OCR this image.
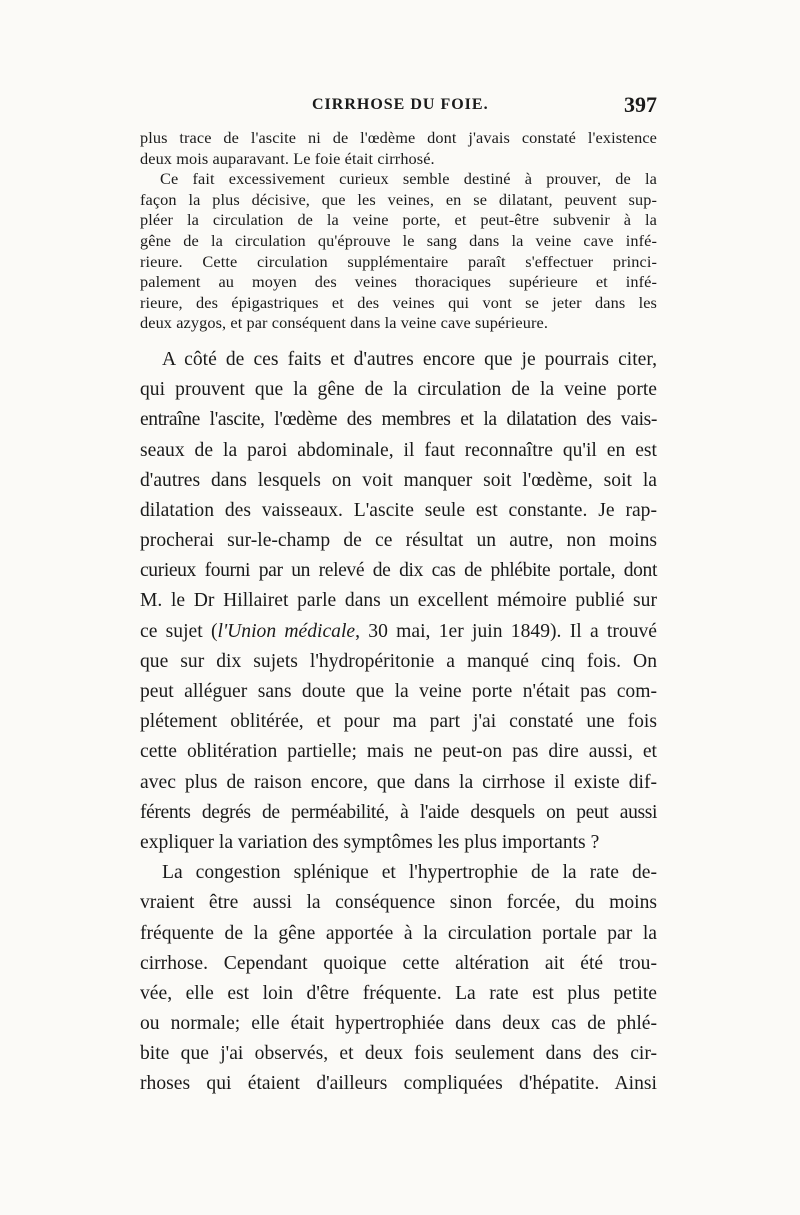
CIRRHOSE DU FOIE.	397
plus trace de l'ascite ni de l'œdème dont j'avais constaté l'existence
deux mois auparavant. Le foie était cirrhosé.
Ce fait excessivement curieux semble destiné à prouver, de la
façon la plus décisive, que les veines, en se dilatant, peuvent sup-
pléer la circulation de la veine porte, et peut-être subvenir à la
gêne de la circulation qu'éprouve le sang dans la veine cave infé-
rieure. Cette circulation supplémentaire paraît s'effectuer princi-
palement au moyen des veines thoraciques supérieure et infé-
rieure, des épigastriques et des veines qui vont se jeter dans les
deux azygos, et par conséquent dans la veine cave supérieure.
A côté de ces faits et d'autres encore que je pourrais citer,
qui prouvent que la gêne de la circulation de la veine porte
entraîne l'ascite, l'œdème des membres et la dilatation des vais-
seaux de la paroi abdominale, il faut reconnaître qu'il en est
d'autres dans lesquels on voit manquer soit l'œdème, soit la
dilatation des vaisseaux. L'ascite seule est constante. Je rap-
procherai sur-le-champ de ce résultat un autre, non moins
curieux fourni par un relevé de dix cas de phlébite portale, dont
M. le Dr Hillairet parle dans un excellent mémoire publié sur
ce sujet (l'Union médicale, 30 mai, 1er juin 1849). Il a trouvé
que sur dix sujets l'hydropéritonie a manqué cinq fois. On
peut alléguer sans doute que la veine porte n'était pas com-
plétement oblitérée, et pour ma part j'ai constaté une fois
cette oblitération partielle; mais ne peut-on pas dire aussi, et
avec plus de raison encore, que dans la cirrhose il existe dif-
férents degrés de perméabilité, à l'aide desquels on peut aussi
expliquer la variation des symptômes les plus importants ?
La congestion splénique et l'hypertrophie de la rate de-
vraient être aussi la conséquence sinon forcée, du moins
fréquente de la gêne apportée à la circulation portale par la
cirrhose. Cependant quoique cette altération ait été trou-
vée, elle est loin d'être fréquente. La rate est plus petite
ou normale; elle était hypertrophiée dans deux cas de phlé-
bite que j'ai observés, et deux fois seulement dans des cir-
rhoses qui étaient d'ailleurs compliquées d'hépatite. Ainsi
